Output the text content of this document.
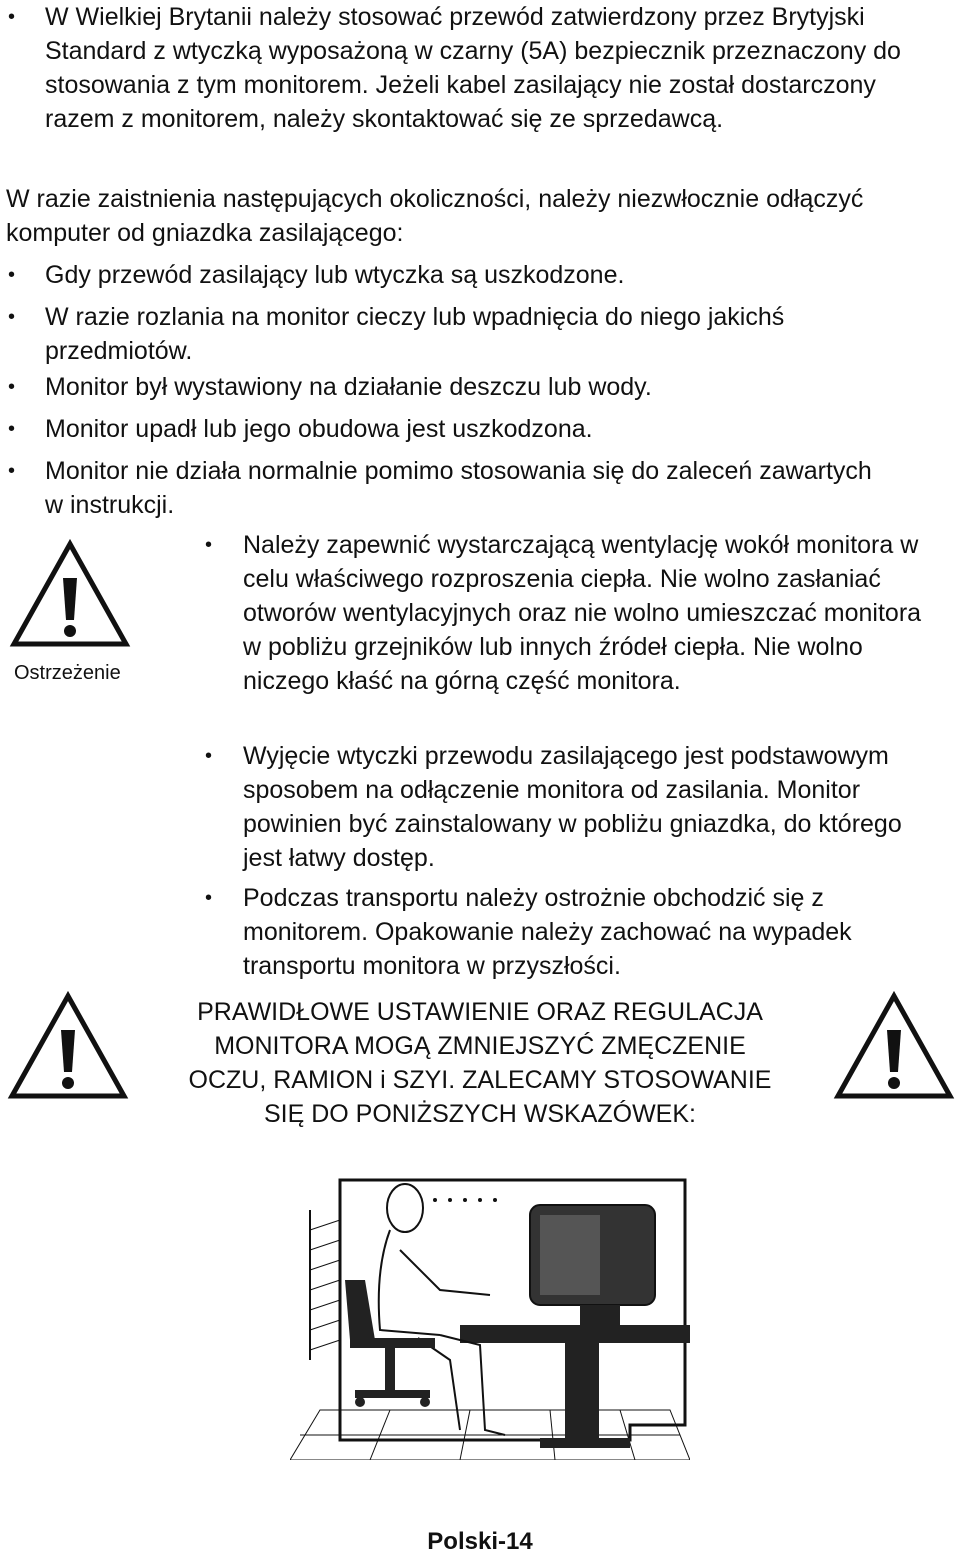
•	W Wielkiej Brytanii należy stosować przewód zatwierdzony przez Brytyjski Standard z wtyczką wyposażoną w czarny (5A) bezpiecznik przeznaczony do stosowania z tym monitorem. Jeżeli kabel zasilający nie został dostarczony razem z monitorem, należy skontaktować się ze sprzedawcą.
W razie zaistnienia następujących okoliczności, należy niezwłocznie odłączyć komputer od gniazdka zasilającego:
•	Gdy przewód zasilający lub wtyczka są uszkodzone.
•	W razie rozlania na monitor cieczy lub wpadnięcia do niego jakichś przedmiotów.
•	Monitor był wystawiony na działanie deszczu lub wody.
•	Monitor upadł lub jego obudowa jest uszkodzona.
•	Monitor nie działa normalnie pomimo stosowania się do zaleceń zawartych w instrukcji.
Ostrzeżenie
•	Należy zapewnić wystarczającą wentylację wokół monitora w celu właściwego rozproszenia ciepła. Nie wolno zasłaniać otworów wentylacyjnych oraz nie wolno umieszczać monitora w pobliżu grzejników lub innych źródeł ciepła. Nie wolno niczego kłaść na górną część monitora.
•	Wyjęcie wtyczki przewodu zasilającego jest podstawowym sposobem na odłączenie monitora od zasilania. Monitor powinien być zainstalowany w pobliżu gniazdka, do którego jest łatwy dostęp.
•	Podczas transportu należy ostrożnie obchodzić się z monitorem. Opakowanie należy zachować na wypadek transportu monitora w przyszłości.
PRAWIDŁOWE USTAWIENIE ORAZ REGULACJA
MONITORA MOGĄ ZMNIEJSZYĆ ZMĘCZENIE
OCZU, RAMION i SZYI. ZALECAMY STOSOWANIE
SIĘ DO PONIŻSZYCH WSKAZÓWEK:
Polski-14
